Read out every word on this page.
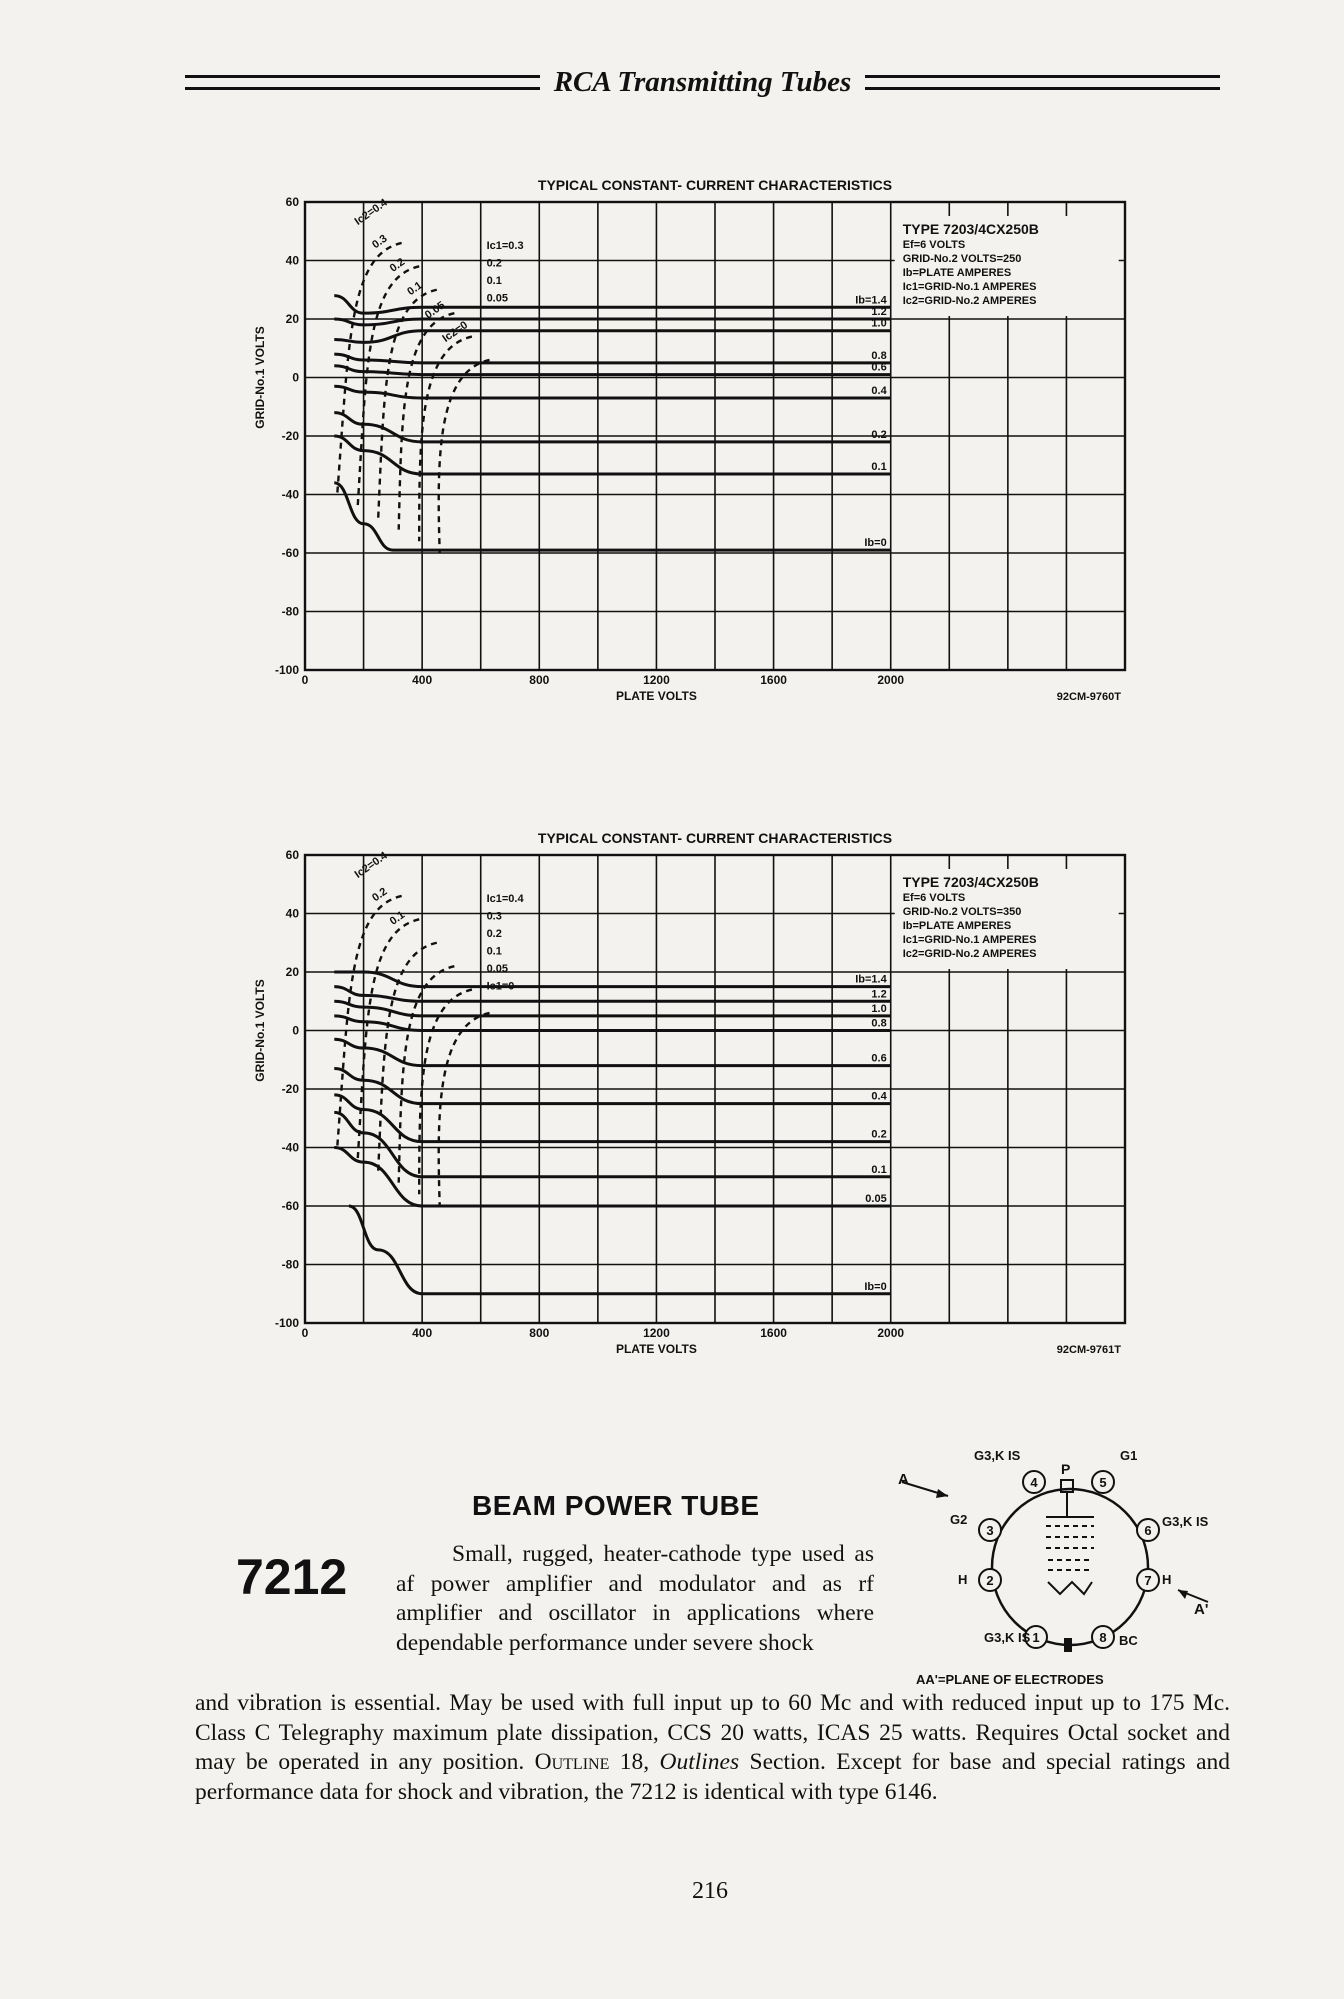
RCA Transmitting Tubes
TYPICAL CONSTANT- CURRENT CHARACTERISTICS
0	400	800	1200	1600	2000
60
40
20
0
-20
-40
-60
-80
-100
PLATE VOLTS
GRID-No.1 VOLTS
92CM-9760T
TYPE 7203/4CX250B
Ef=6 VOLTS
GRID-No.2 VOLTS=250
Ib=PLATE AMPERES
Ic1=GRID-No.1 AMPERES
Ic2=GRID-No.2 AMPERES
Ib=1.4
1.2
1.0
0.8
0.6
0.4
0.2
0.1
Ib=0
Ic2=0.4
0.3
0.2
0.1
0.05
Ic2=0
Ic1=0.3
0.2
0.1
0.05
TYPICAL CONSTANT- CURRENT CHARACTERISTICS
0	400	800	1200	1600	2000
60
40
20
0
-20
-40
-60
-80
-100
PLATE VOLTS
GRID-No.1 VOLTS
92CM-9761T
TYPE 7203/4CX250B
Ef=6 VOLTS
GRID-No.2 VOLTS=350
Ib=PLATE AMPERES
Ic1=GRID-No.1 AMPERES
Ic2=GRID-No.2 AMPERES
Ib=1.4
1.2
1.0
0.8
0.6
0.4
0.2
0.1
0.05
Ib=0
Ic2=0.4
0.2
0.1
Ic1=0.4
0.3
0.2
0.1
0.05
Ic1=0
BEAM POWER TUBE
7212	Small, rugged, heater-cathode type used as af power amplifier and modulator and as rf amplifier and oscillator in applications where dependable performance under severe shock
and vibration is essential. May be used with full input up to 60 Mc and with reduced input up to 175 Mc. Class C Telegraphy maximum plate dissipation, CCS 20 watts, ICAS 25 watts. Requires Octal socket and may be operated in any position. Outline 18, Outlines Section. Except for base and special ratings and performance data for shock and vibration, the 7212 is identical with type 6146.
P
1
2
3
4	5
6
7
8
G3,K IS
H
G2
G3,K IS	G1
G3,K IS
H
BC
A
A'
AA'=PLANE OF ELECTRODES
216
